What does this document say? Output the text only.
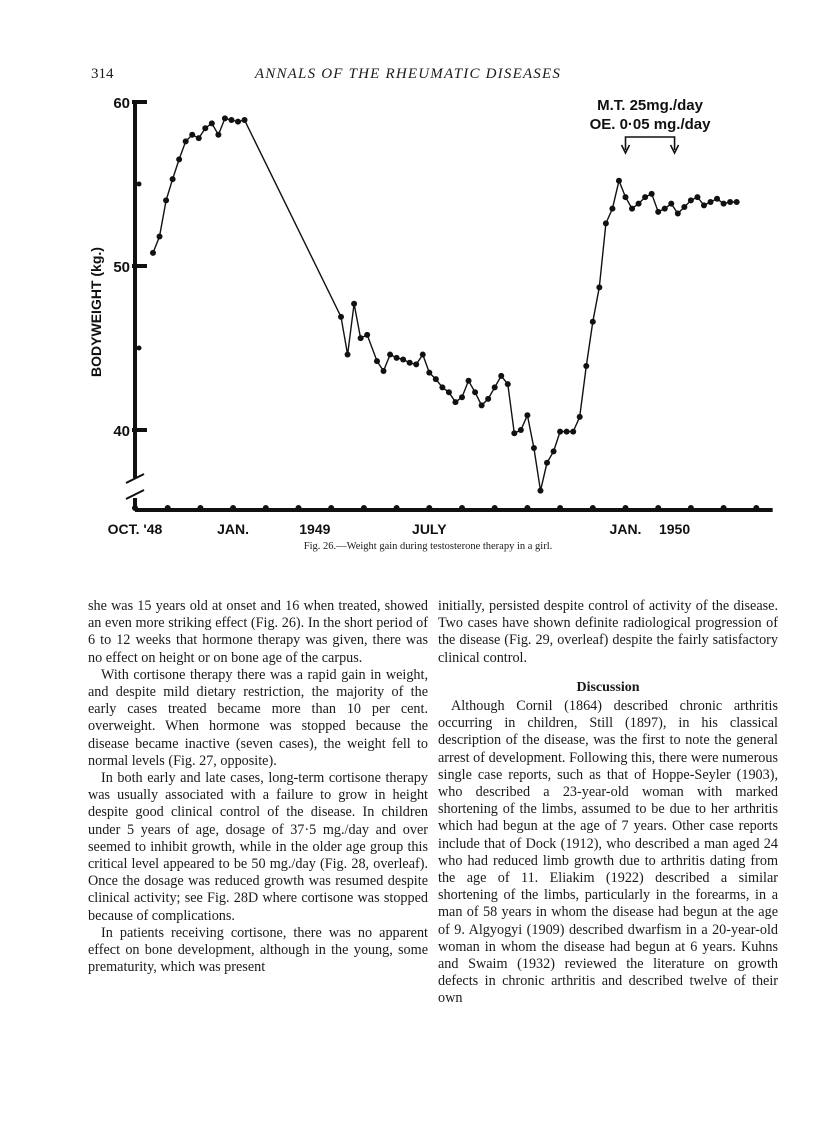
314	ANNALS OF THE RHEUMATIC DISEASES
40
50
60
OCT. '48	JAN.	1949	JULY	JAN. 1950
M.T. 25mg./day
OE. 0·05 mg./day
BODYWEIGHT (kg.)
Fig. 26.—Weight gain during testosterone therapy in a girl.

she was 15 years old at onset and 16 when treated, showed an even more striking effect (Fig. 26). In the short period of 6 to 12 weeks that hormone therapy was given, there was no effect on height or on bone age of the carpus.

With cortisone therapy there was a rapid gain in weight, and despite mild dietary restriction, the majority of the early cases treated became more than 10 per cent. overweight. When hormone was stopped because the disease became inactive (seven cases), the weight fell to normal levels (Fig. 27, opposite).

In both early and late cases, long-term cortisone therapy was usually associated with a failure to grow in height despite good clinical control of the disease. In children under 5 years of age, dosage of 37·5 mg./day and over seemed to inhibit growth, while in the older age group this critical level appeared to be 50 mg./day (Fig. 28, overleaf). Once the dosage was reduced growth was resumed despite clinical activity; see Fig. 28D where cortisone was stopped because of complications.

In patients receiving cortisone, there was no apparent effect on bone development, although in the young, some prematurity, which was present

initially, persisted despite control of activity of the disease. Two cases have shown definite radiological progression of the disease (Fig. 29, overleaf) despite the fairly satisfactory clinical control.

Discussion

Although Cornil (1864) described chronic arthritis occurring in children, Still (1897), in his classical description of the disease, was the first to note the general arrest of development. Following this, there were numerous single case reports, such as that of Hoppe-Seyler (1903), who described a 23-year-old woman with marked shortening of the limbs, assumed to be due to her arthritis which had begun at the age of 7 years. Other case reports include that of Dock (1912), who described a man aged 24 who had reduced limb growth due to arthritis dating from the age of 11. Eliakim (1922) described a similar shortening of the limbs, particularly in the forearms, in a man of 58 years in whom the disease had begun at the age of 9. Algyogyi (1909) described dwarfism in a 20-year-old woman in whom the disease had begun at 6 years. Kuhns and Swaim (1932) reviewed the literature on growth defects in chronic arthritis and described twelve of their own
